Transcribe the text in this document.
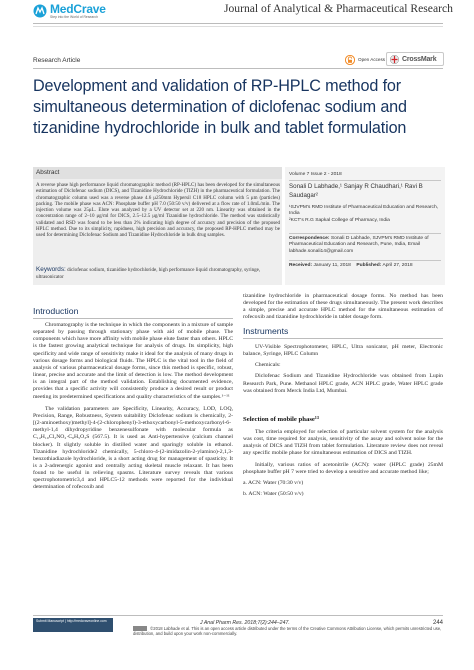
MedCrave
Step into the World of Research
Journal of Analytical & Pharmaceutical Research
Research Article	Open Access CrossMark
Development and validation of RP-HPLC method for simultaneous determination of diclofenac sodium and tizanidine hydrochloride in bulk and tablet formulation
Abstract

A reverse phase high performance liquid chromatographic method (RP-HPLC) has been developed for the simultaneous estimation of Diclofenac sodium (DICS), and Tizanidine Hydrochloride (TIZH) in the pharmaceutical formulation. The chromatographic column used was a reverse phase 4.6 μ250mm Hypersil C18 HPLC column with 5 μm (particles) packing. The mobile phase was ACN: Phosphate buffer pH 7.0 (50:50 v/v) delivered at a flow rate of 1.0mL/min. The injection volume was 25μL. Elute was analyzed by a UV detector set at 220 nm. Linearity was obtained in the concentration range of 2–10 μg/ml for DICS, 2.5–12.5 μg/ml Tizanidine hydrochloride. The method was statistically validated and RSD was found to be less than 2% indicating high degree of accuracy and precision of the proposed HPLC method. Due to its simplicity, rapidness, high precision and accuracy, the proposed RP-HPLC method may be used for determining Diclofenac Sodium and Tizanidine Hydrochloride in bulk drug samples.

Keywords: diclofenac sodium, tizanidine hydrochloride, high performance liquid chromatography, syringe, ultrasonicator
Volume 7 Issue 2 - 2018
Sonali D Labhade,¹ Sanjay R Chaudhari,¹ Ravi B Saudagar²
¹SJVPM's RMD Institute of Pharmaceutical Education and Research, India
²KCT's R.G Sapkal College of Pharmacy, India
Correspondence: Sonali D Labhade, SJVPM's RMD Institute of Pharmaceutical Education and Research, Pune, India, Email labhade.sonali14@gmail.com
Received: January 11, 2018 Published: April 27, 2018
Introduction

Chromatography is the technique in which the components in a mixture of sample separated by passing through stationary phase with aid of mobile phase. The components which have more affinity with mobile phase elute faster than others. HPLC is the fastest growing analytical technique for analysis of drugs. Its simplicity, high specificity and wide range of sensitivity make it ideal for the analysis of many drugs in various dosage forms and biological fluids. The HPLC is the vital tool in the field of analysis of various pharmaceutical dosage forms, since this method is specific, robust, linear, precise and accurate and the limit of detection is low. The method development is an integral part of the method validation. Establishing documented evidence, provides that a specific activity will consistently produce a desired result or product meeting its predetermined specifications and quality characteristics of the samples.¹⁻¹¹

The validation parameters are Specificity, Linearity, Accuracy, LOD, LOQ, Precision, Range, Robustness, System suitability Diclofenac sodium is chemically, 2-[(2-aminoethoxy)methyl]-4-(2-chlorophenyl)-3-ethoxycarbonyl-5-methoxycarbonyl-6-methyl-1,4 dihydropyridine benzenesulfonate with molecular formula as C₁₄H₁₀Cl₂NO₂·C₆H₅O₃S (567.5). It is used as Anti-hypertensive (calcium channel blocker). It slightly soluble in distilled water and sparingly soluble in ethanol. Tizanidine hydrochloride2 chemically, 5-chloro-4-(2-imidazolin-2-ylamino)-2,1,3-benzothiadiazole hydrochloride, is a short acting drug for management of spasticity. It is a 2-adrenergic agonist and centrally acting skeletal muscle relaxant. It has been found to be useful in relieving spasms. Literature survey reveals that various spectrophotometric3,4 and HPLC5-12 methods were reported for the individual determination of rofecoxib and

tizanidine hydrochloride in pharmaceutical dosage forms. No method has been developed for the estimation of these drugs simultaneously. The present work describes a simple, precise and accurate HPLC method for the simultaneous estimation of rofecoxib and tizanidine hydrochloride in tablet dosage form.

Instruments

UV-Visible Spectrophotometer, HPLC, Ultra sonicator, pH meter, Electronic balance, Syringe, HPLC Column

Chemicals:

Diclofenac Sodium and Tizanidine Hydrochloride was obtained from Lupin Research Park, Pune. Methanol HPLC grade, ACN HPLC grade, Water HPLC grade was obtained from Merck India Ltd, Mumbai.

Selection of mobile phase¹³

The criteria employed for selection of particular solvent system for the analysis was cost, time required for analysis, sensitivity of the assay and solvent noise for the analysis of DICS and TIZH from tablet formulation. Literature review does not reveal any specific mobile phase for simultaneous estimation of DICS and TIZH.

Initially, various ratios of acetonitrile (ACN): water (HPLC grade) 25mM phosphate buffer pH 7 were tried to develop a sensitive and accurate method like;

a. ACN: Water (70:30 v/v)

b. ACN: Water (50:50 v/v)

Submit Manuscript | http://medcraveonline.com	J Anal Pharm Res. 2018;7(2):244‒247.	244
©2018 Labhade et al. This is an open access article distributed under the terms of the Creative Commons Attribution License, which permits unrestricted use, distribution, and build upon your work non-commercially.
